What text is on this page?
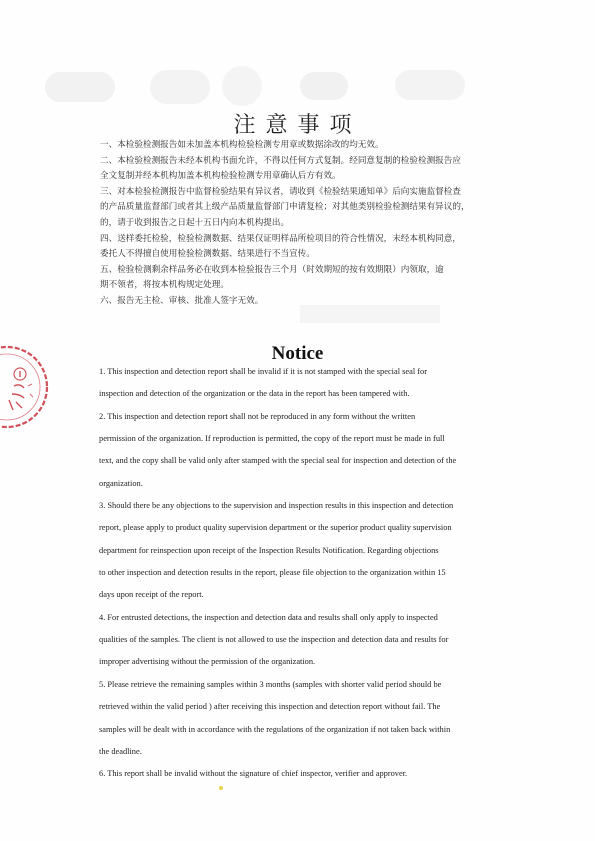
注意事项

一、本检验检测报告如未加盖本机构检验检测专用章或数据涂改的均无效。

二、本检验检测报告未经本机构书面允许，不得以任何方式复制。经同意复制的检验检测报告应

全文复制并经本机构加盖本机构检验检测专用章确认后方有效。

三、对本检验检测报告中监督检验结果有异议者，请收到《检验结果通知单》后向实施监督检查

的产品质量监督部门或者其上级产品质量监督部门申请复检；对其他类别检验检测结果有异议的，

的，请于收到报告之日起十五日内向本机构提出。

四、送样委托检验，检验检测数据、结果仅证明样品所检项目的符合性情况，未经本机构同意，

委托人不得擅自使用检验检测数据、结果进行不当宣传。

五、检验检测剩余样品务必在收到本检验报告三个月（时效期短的按有效期限）内领取，逾

期不领者，将按本机构规定处理。

六、报告无主检、审核、批准人签字无效。

Notice

1. This inspection and detection report shall be invalid if it is not stamped with the special seal for

inspection and detection of the organization or the data in the report has been tampered with.

2. This inspection and detection report shall not be reproduced in any form without the written

permission of the organization. If reproduction is permitted, the copy of the report must be made in full

text, and the copy shall be valid only after stamped with the special seal for inspection and detection of the

organization.

3. Should there be any objections to the supervision and inspection results in this inspection and detection

report, please apply to product quality supervision department or the superior product quality supervision

department for reinspection upon receipt of the Inspection Results Notification. Regarding objections

to other inspection and detection results in the report, please file objection to the organization within 15

days upon receipt of the report.

4. For entrusted detections, the inspection and detection data and results shall only apply to inspected

qualities of the samples. The client is not allowed to use the inspection and detection data and results for

improper advertising without the permission of the organization.

5. Please retrieve the remaining samples within 3 months (samples with shorter valid period should be

retrieved within the valid period ) after receiving this inspection and detection report without fail. The

samples will be dealt with in accordance with the regulations of the organization if not taken back within

the deadline.

6. This report shall be invalid without the signature of chief inspector, verifier and approver.
